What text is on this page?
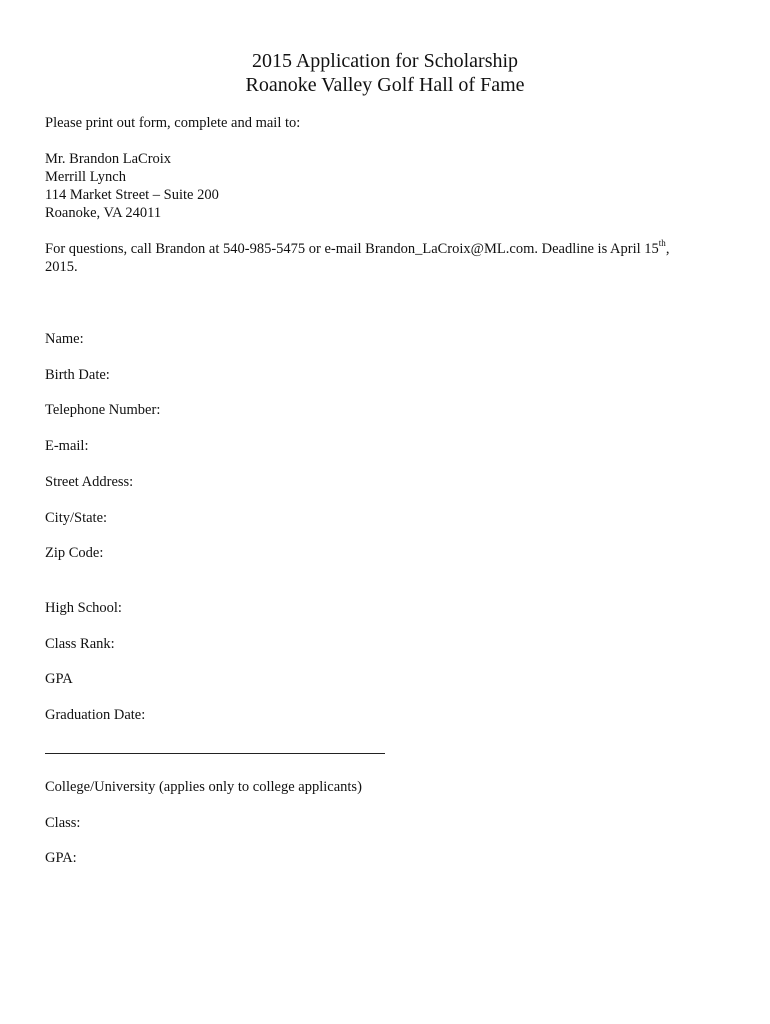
2015 Application for Scholarship
Roanoke Valley Golf Hall of Fame
Please print out form, complete and mail to:
Mr. Brandon LaCroix
Merrill Lynch
114 Market Street – Suite 200
Roanoke, VA 24011
For questions, call Brandon at 540-985-5475 or e-mail Brandon_LaCroix@ML.com. Deadline is April 15th,
2015.
Name:
Birth Date:
Telephone Number:
E-mail:
Street Address:
City/State:
Zip Code:
High School:
Class Rank:
GPA
Graduation Date:
College/University (applies only to college applicants)
Class:
GPA:
